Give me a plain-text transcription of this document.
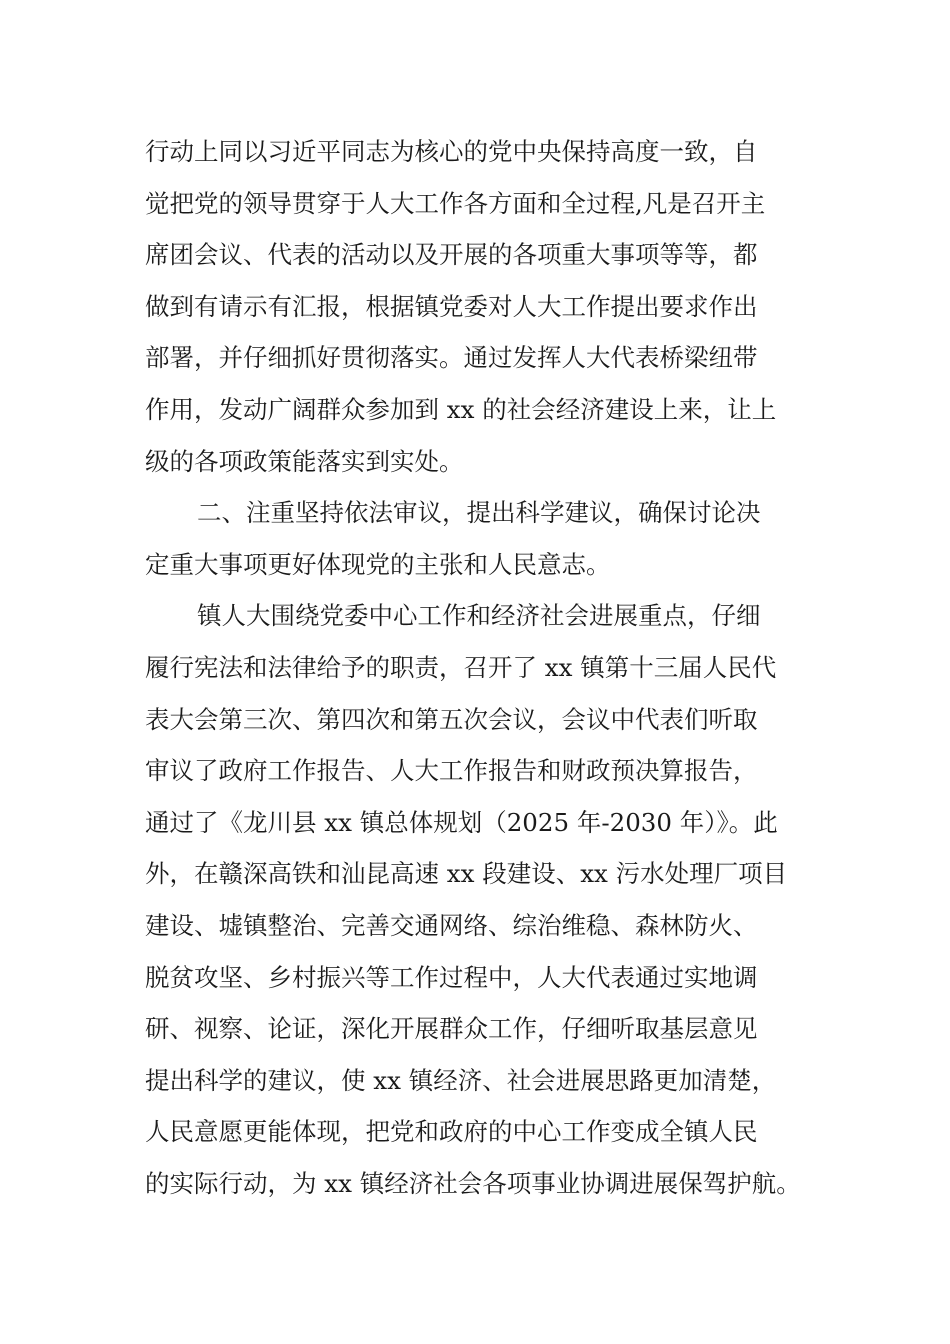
行动上同以习近平同志为核心的党中央保持高度一致，自
觉把党的领导贯穿于人大工作各方面和全过程,凡是召开主
席团会议、代表的活动以及开展的各项重大事项等等，都
做到有请示有汇报，根据镇党委对人大工作提出要求作出
部署，并仔细抓好贯彻落实。通过发挥人大代表桥梁纽带
作用，发动广阔群众参加到 xx 的社会经济建设上来，让上
级的各项政策能落实到实处。
二、注重坚持依法审议，提出科学建议，确保讨论决
定重大事项更好体现党的主张和人民意志。
镇人大围绕党委中心工作和经济社会进展重点，仔细
履行宪法和法律给予的职责，召开了 xx 镇第十三届人民代
表大会第三次、第四次和第五次会议，会议中代表们听取
审议了政府工作报告、人大工作报告和财政预决算报告，
通过了《龙川县 xx 镇总体规划（2025 年-2030 年）》。此
外，在赣深高铁和汕昆高速 xx 段建设、xx 污水处理厂项目
建设、墟镇整治、完善交通网络、综治维稳、森林防火、
脱贫攻坚、乡村振兴等工作过程中，人大代表通过实地调
研、视察、论证，深化开展群众工作，仔细听取基层意见
提出科学的建议，使 xx 镇经济、社会进展思路更加清楚，
人民意愿更能体现，把党和政府的中心工作变成全镇人民
的实际行动，为 xx 镇经济社会各项事业协调进展保驾护航。
